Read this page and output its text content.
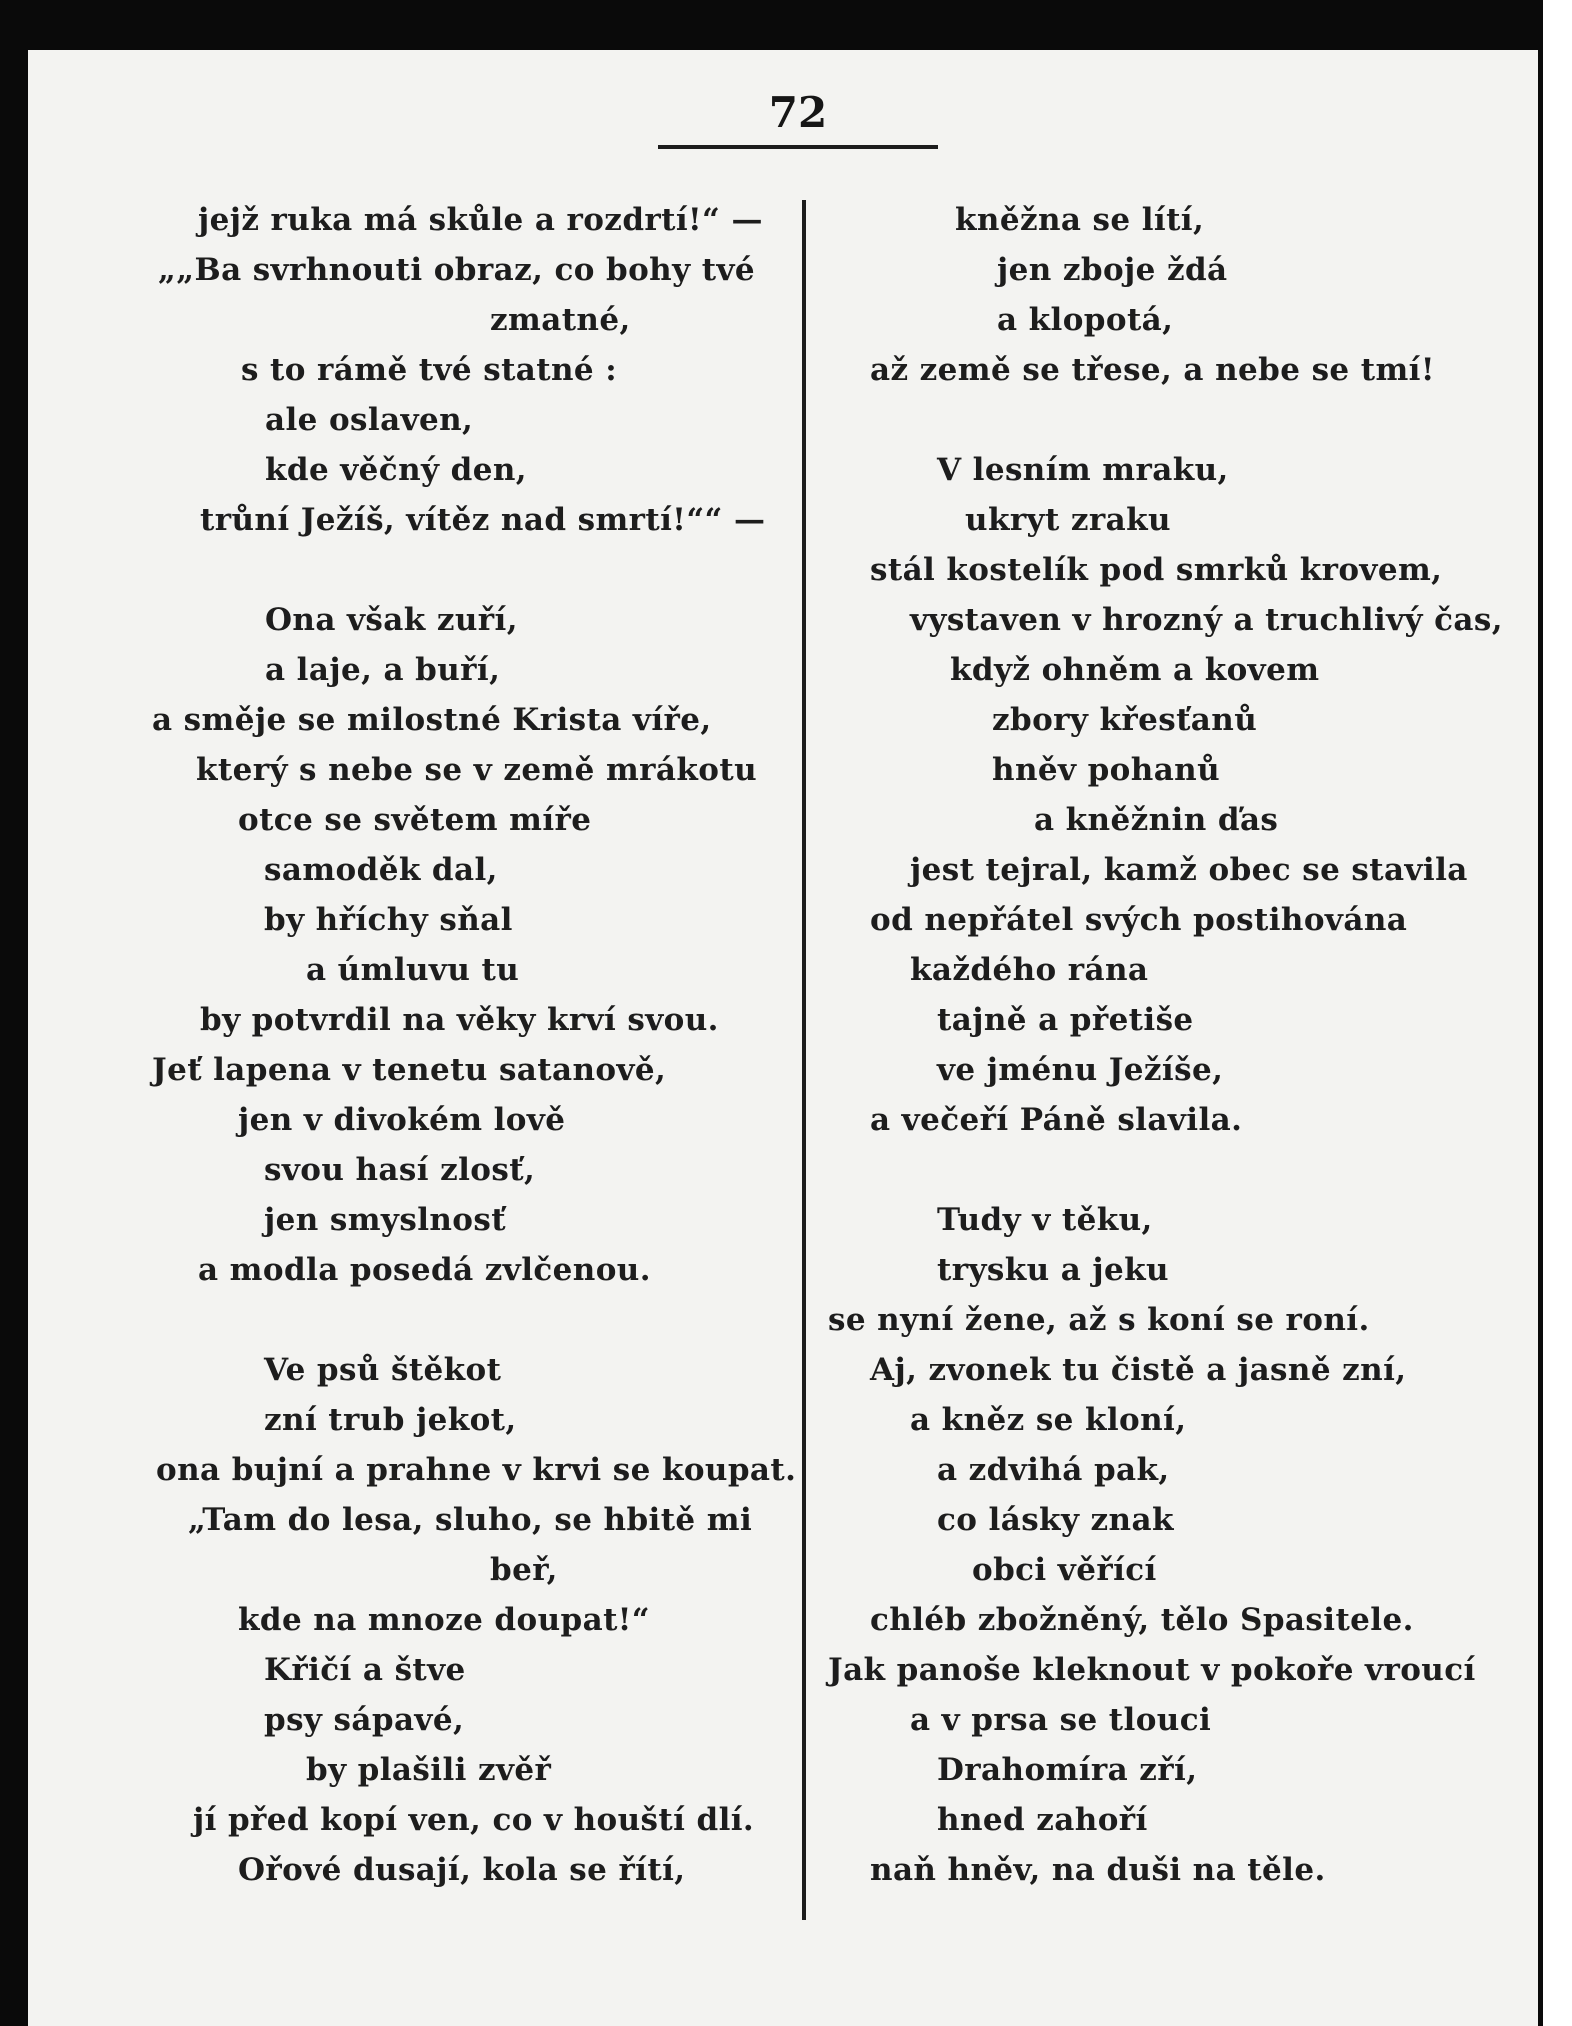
72
jejž ruka má skůle a rozdrtí!“ —
„„Ba svrhnouti obraz, co bohy tvé
zmatné,
s to rámě tvé statné :
ale oslaven,
kde věčný den,
trůní Ježíš, vítěz nad smrtí!““ —
Ona však zuří,
a laje, a buří,
a směje se milostné Krista víře,
který s nebe se v země mrákotu
otce se světem míře
samoděk dal,
by hříchy sňal
a úmluvu tu
by potvrdil na věky krví svou.
Jeť lapena v tenetu satanově,
jen v divokém lově
svou hasí zlosť,
jen smyslnosť
a modla posedá zvlčenou.
Ve psů štěkot
zní trub jekot,
ona bujní a prahne v krvi se koupat.
„Tam do lesa, sluho, se hbitě mi
beř,
kde na mnoze doupat!“
Křičí a štve
psy sápavé,
by plašili zvěř
jí před kopí ven, co v houští dlí.
Ořové dusají, kola se řítí,
kněžna se lítí,
jen zboje ždá
a klopotá,
až země se třese, a nebe se tmí!
V lesním mraku,
ukryt zraku
stál kostelík pod smrků krovem,
vystaven v hrozný a truchlivý čas,
když ohněm a kovem
zbory křesťanů
hněv pohanů
a kněžnin ďas
jest tejral, kamž obec se stavila
od nepřátel svých postihována
každého rána
tajně a přetiše
ve jménu Ježíše,
a večeří Páně slavila.
Tudy v těku,
trysku a jeku
se nyní žene, až s koní se roní.
Aj, zvonek tu čistě a jasně zní,
a kněz se kloní,
a zdvihá pak,
co lásky znak
obci věřící
chléb zbožněný, tělo Spasitele.
Jak panoše kleknout v pokoře vroucí
a v prsa se tlouci
Drahomíra zří,
hned zahoří
naň hněv, na duši na těle.
